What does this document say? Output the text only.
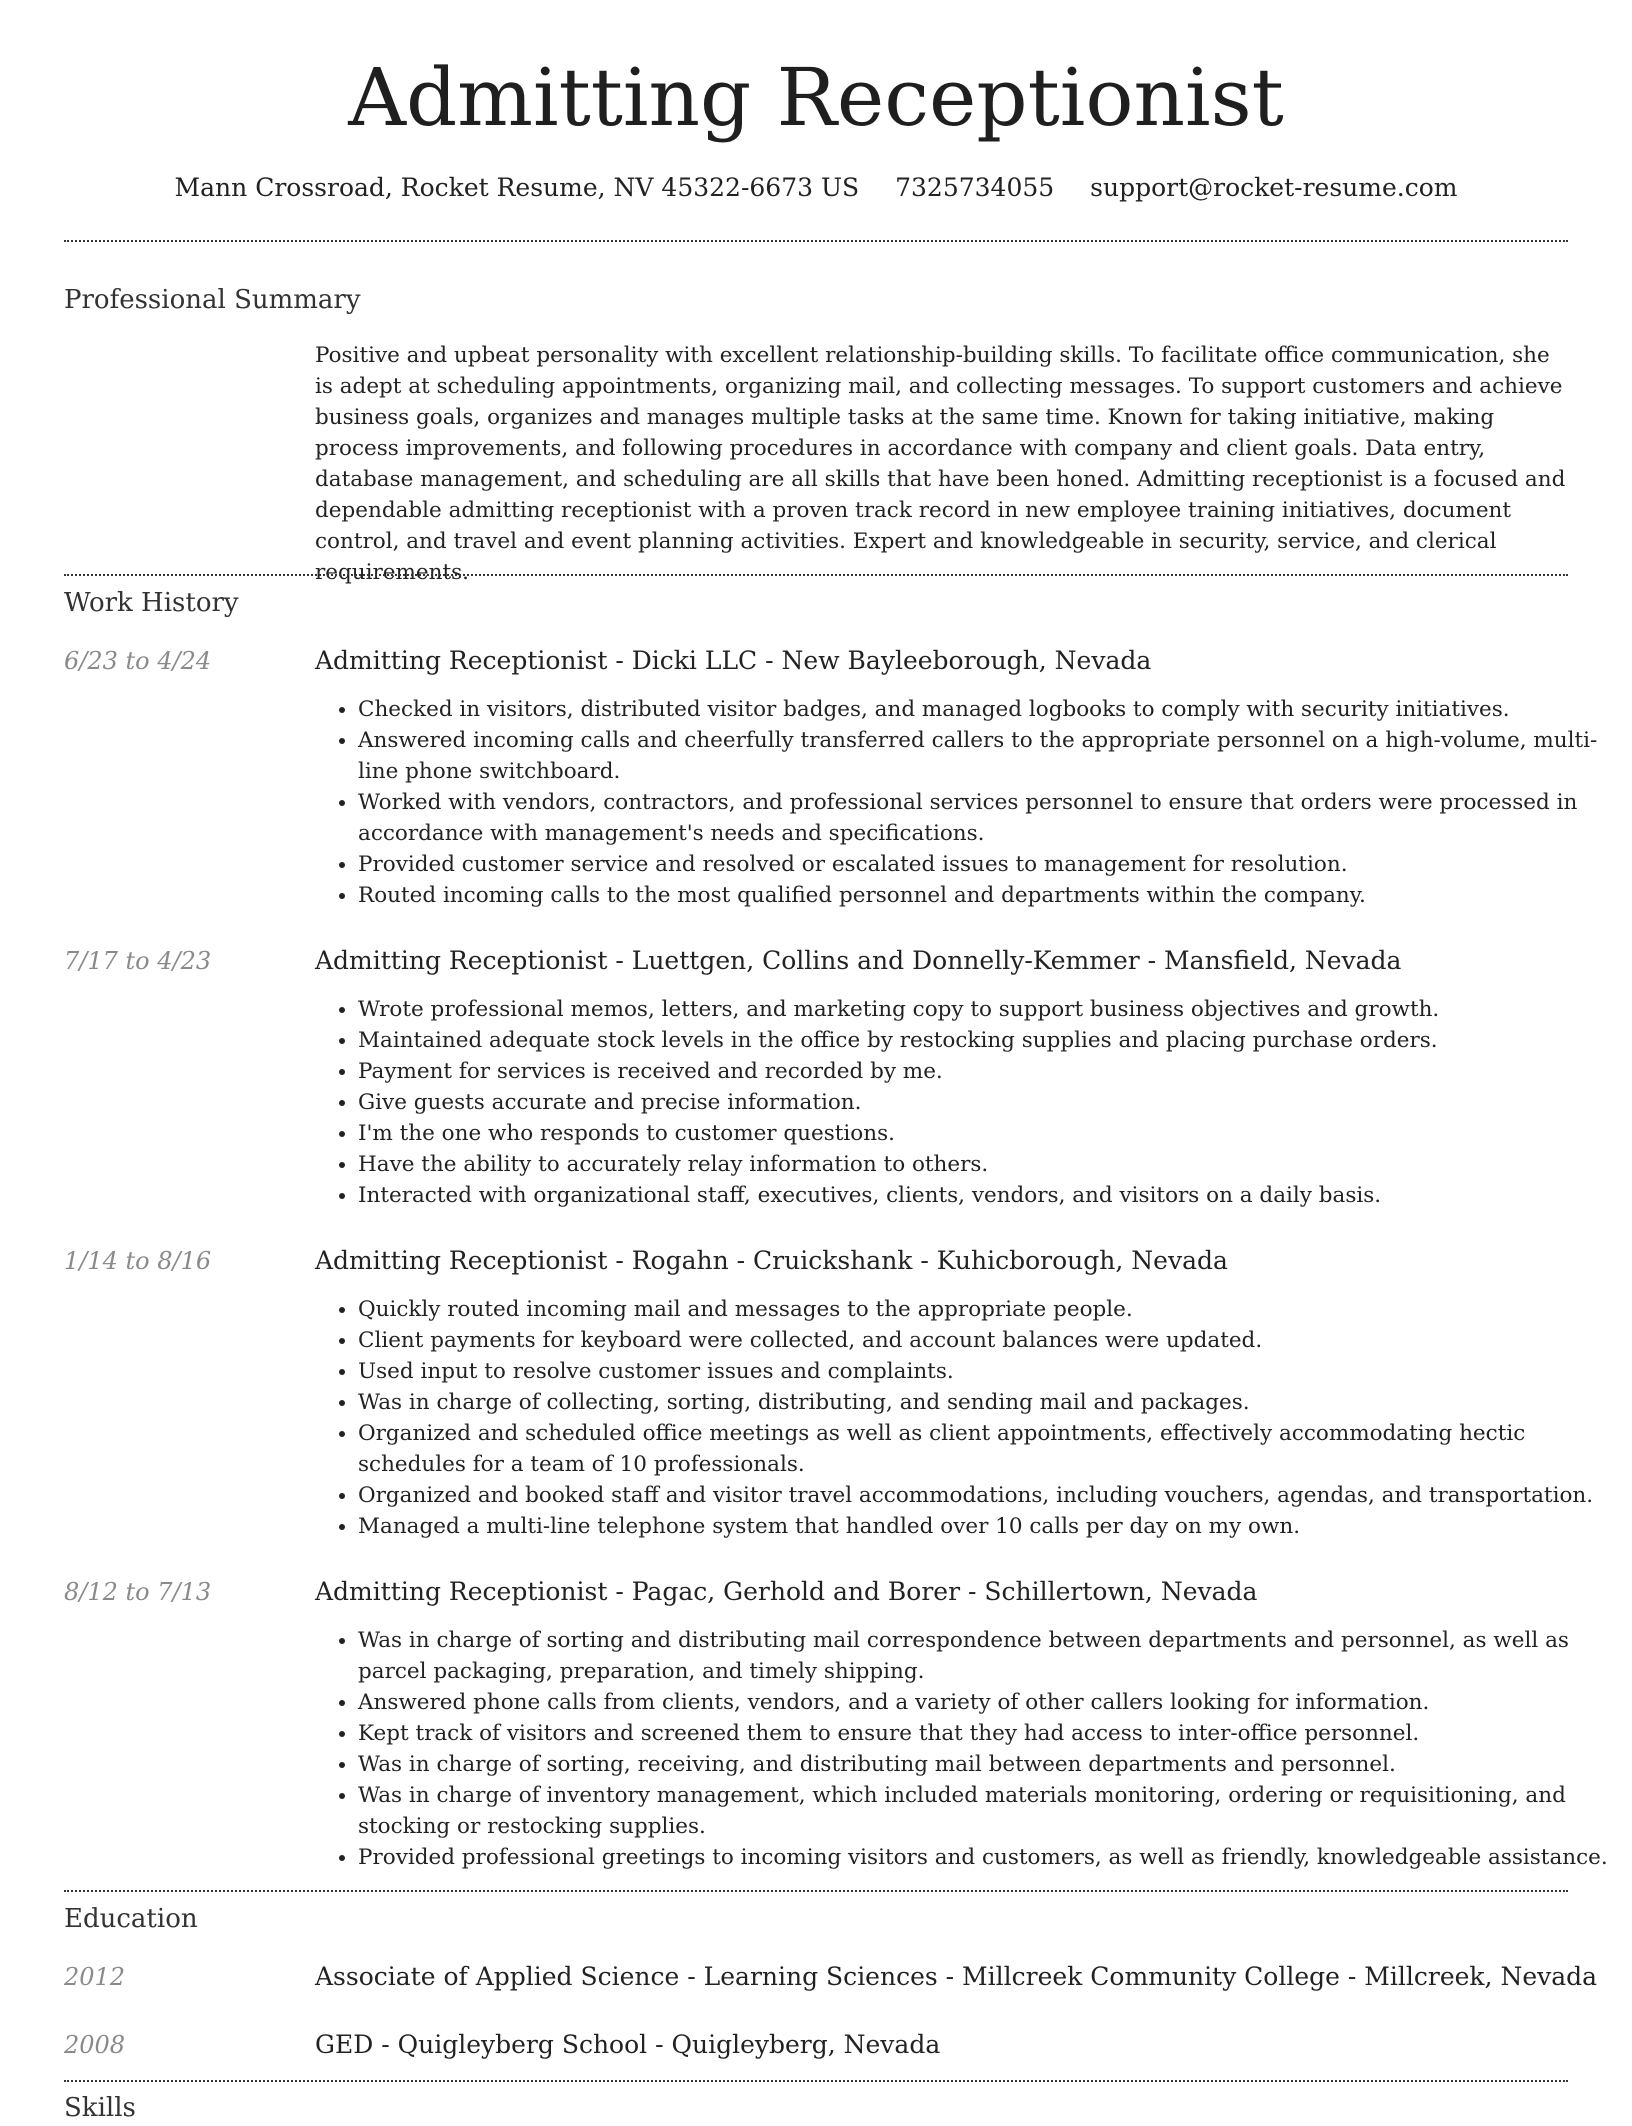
Admitting Receptionist
Mann Crossroad, Rocket Resume, NV 45322-6673 US 7325734055 support@rocket-resume.com
Professional Summary
Positive and upbeat personality with excellent relationship-building skills. To facilitate office communication, she is adept at scheduling appointments, organizing mail, and collecting messages. To support customers and achieve business goals, organizes and manages multiple tasks at the same time. Known for taking initiative, making process improvements, and following procedures in accordance with company and client goals. Data entry, database management, and scheduling are all skills that have been honed. Admitting receptionist is a focused and dependable admitting receptionist with a proven track record in new employee training initiatives, document control, and travel and event planning activities. Expert and knowledgeable in security, service, and clerical requirements.
Work History
6/23 to 4/24	Admitting Receptionist - Dicki LLC - New Bayleeborough, Nevada
• Checked in visitors, distributed visitor badges, and managed logbooks to comply with security initiatives.
• Answered incoming calls and cheerfully transferred callers to the appropriate personnel on a high-volume, multi-line phone switchboard.
• Worked with vendors, contractors, and professional services personnel to ensure that orders were processed in accordance with management's needs and specifications.
• Provided customer service and resolved or escalated issues to management for resolution.
• Routed incoming calls to the most qualified personnel and departments within the company.
7/17 to 4/23	Admitting Receptionist - Luettgen, Collins and Donnelly-Kemmer - Mansfield, Nevada
• Wrote professional memos, letters, and marketing copy to support business objectives and growth.
• Maintained adequate stock levels in the office by restocking supplies and placing purchase orders.
• Payment for services is received and recorded by me.
• Give guests accurate and precise information.
• I'm the one who responds to customer questions.
• Have the ability to accurately relay information to others.
• Interacted with organizational staff, executives, clients, vendors, and visitors on a daily basis.
1/14 to 8/16	Admitting Receptionist - Rogahn - Cruickshank - Kuhicborough, Nevada
• Quickly routed incoming mail and messages to the appropriate people.
• Client payments for keyboard were collected, and account balances were updated.
• Used input to resolve customer issues and complaints.
• Was in charge of collecting, sorting, distributing, and sending mail and packages.
• Organized and scheduled office meetings as well as client appointments, effectively accommodating hectic schedules for a team of 10 professionals.
• Organized and booked staff and visitor travel accommodations, including vouchers, agendas, and transportation.
• Managed a multi-line telephone system that handled over 10 calls per day on my own.
8/12 to 7/13	Admitting Receptionist - Pagac, Gerhold and Borer - Schillertown, Nevada
• Was in charge of sorting and distributing mail correspondence between departments and personnel, as well as parcel packaging, preparation, and timely shipping.
• Answered phone calls from clients, vendors, and a variety of other callers looking for information.
• Kept track of visitors and screened them to ensure that they had access to inter-office personnel.
• Was in charge of sorting, receiving, and distributing mail between departments and personnel.
• Was in charge of inventory management, which included materials monitoring, ordering or requisitioning, and stocking or restocking supplies.
• Provided professional greetings to incoming visitors and customers, as well as friendly, knowledgeable assistance.
Education
2012	Associate of Applied Science - Learning Sciences - Millcreek Community College - Millcreek, Nevada
2008	GED - Quigleyberg School - Quigleyberg, Nevada
Skills
